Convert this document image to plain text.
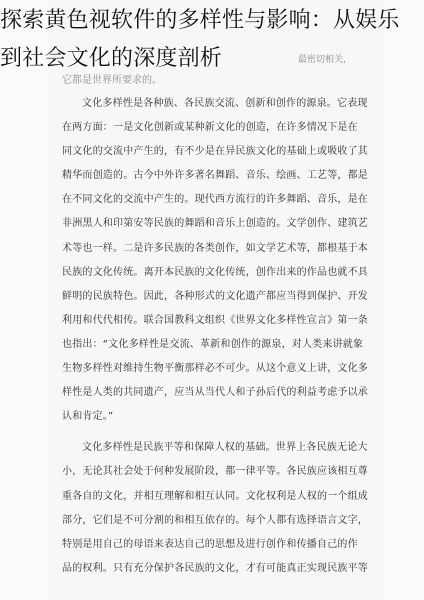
最密切相关,
它都是世界所要求的。
探索黄色视软件的多样性与影响：从娱乐到社会文化的深度剖析
文化多样性是各种族、各民族交流、创新和创作的源泉。它表现
在两方面：一是文化创新或某种新文化的创造，在许多情况下是在
同文化的交流中产生的，有不少是在异民族文化的基础上或吸收了其
精华而创造的。古今中外许多著名舞蹈、音乐、绘画、工艺等，都是
在不同文化的交流中产生的。现代西方流行的许多舞蹈、音乐，是在
非洲黑人和印第安等民族的舞蹈和音乐上创造的。文学创作、建筑艺
术等也一样。二是许多民族的各类创作，如文学艺术等，都根基于本
民族的文化传统。离开本民族的文化传统，创作出来的作品也就不具
鲜明的民族特色。因此，各种形式的文化遗产都应当得到保护、开发
利用和代代相传。联合国教科文组织《世界文化多样性宣言》第一条
也指出：“文化多样性是交流、革新和创作的源泉，对人类来讲就象
生物多样性对维持生物平衡那样必不可少。从这个意义上讲，文化多
样性是人类的共同遗产，应当从当代人和子孙后代的利益考虑予以承
认和肯定。”
文化多样性是民族平等和保障人权的基础。世界上各民族无论大
小，无论其社会处于何种发展阶段，都一律平等。各民族应该相互尊
重各自的文化，并相互理解和相互认同。文化权利是人权的一个组成
部分，它们是不可分割的和相互依存的。每个人都有选择语言文字，
特别是用自己的母语来表达自己的思想及进行创作和传播自己的作
品的权利。只有充分保护各民族的文化，才有可能真正实现民族平等
